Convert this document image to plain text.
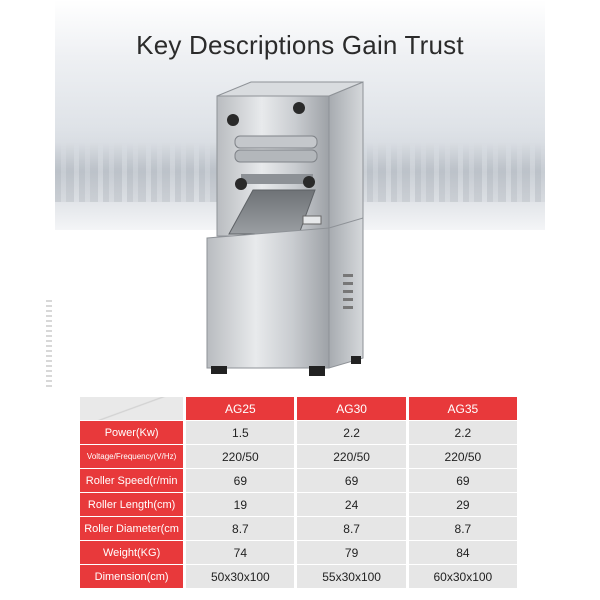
Key Descriptions Gain Trust
	AG25	AG30	AG35
Power(Kw)	1.5	2.2	2.2
Voltage/Frequency(V/Hz)	220/50	220/50	220/50
Roller Speed(r/min	69	69	69
Roller Length(cm)	19	24	29
Roller Diameter(cm	8.7	8.7	8.7
Weight(KG)	74	79	84
Dimension(cm)	50x30x100	55x30x100	60x30x100
